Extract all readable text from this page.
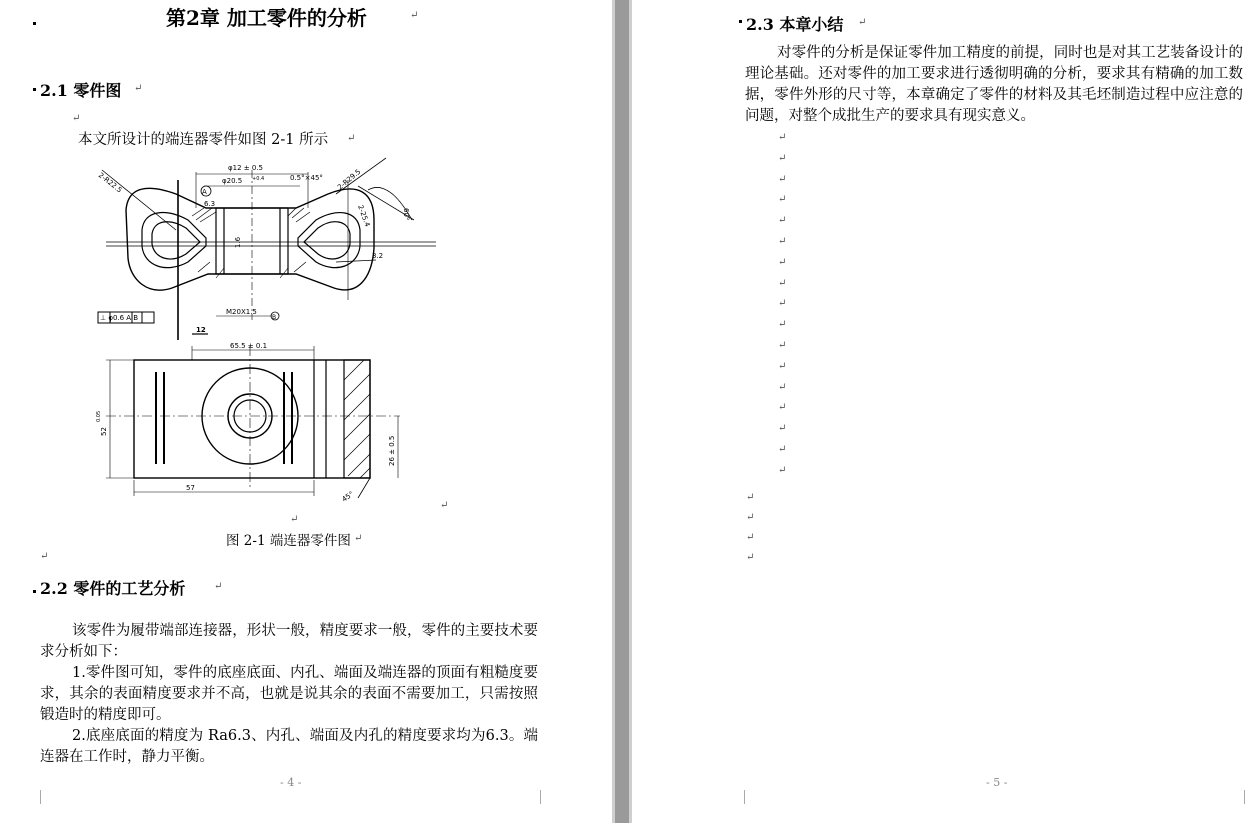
第2章 加工零件的分析	↵
2.1 零件图 ↵
↵
本文所设计的端连器零件如图 2-1 所示 ↵
φ12 ± 0.5
φ20.5 +0.4	0.5°×45°
6.3
A
2-R22.5	2-R29.5
2-25.4	60°
3.2
1.6
M20X1.5
⊥ φ0.6 A B	B
12
65.5 ± 0.1
52
0.05
26 ± 0.5
57
45°
↵
↵
图 2-1 端连器零件图 ↵
↵
2.2 零件的工艺分析	↵
该零件为履带端部连接器，形状一般，精度要求一般，零件的主要技术要求分析如下：
1.零件图可知，零件的底座底面、内孔、端面及端连器的顶面有粗糙度要求，其余的表面精度要求并不高，也就是说其余的表面不需要加工，只需按照锻造时的精度即可。
2.底座底面的精度为 Ra6.3、内孔、端面及内孔的精度要求均为6.3。端连器在工作时，静力平衡。
- 4 -
2.3 本章小结 ↵
对零件的分析是保证零件加工精度的前提，同时也是对其工艺装备设计的理论基础。还对零件的加工要求进行透彻明确的分析，要求其有精确的加工数据，零件外形的尺寸等，本章确定了零件的材料及其毛坯制造过程中应注意的问题，对整个成批生产的要求具有现实意义。
↵
↵
↵
↵
↵
↵
↵
↵
↵
↵
↵
↵
↵
↵
↵
↵
↵
↵
↵
↵
↵
- 5 -
